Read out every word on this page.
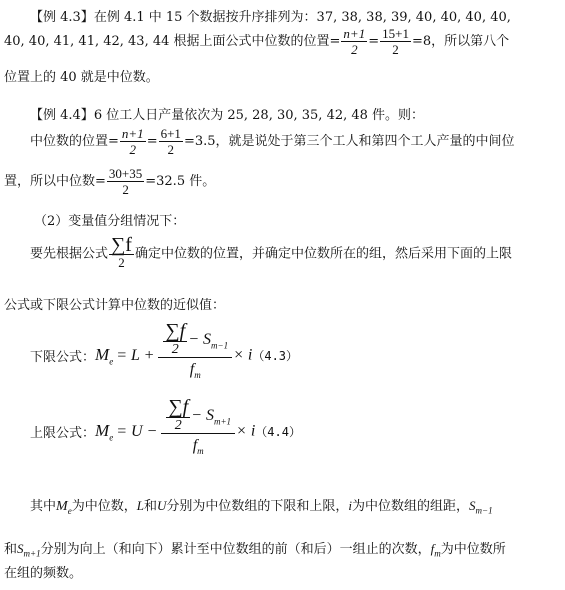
【例 4.3】在例 4.1 中 15 个数据按升序排列为：37, 38, 38, 39, 40, 40, 40, 40,
40, 40, 41, 41, 42, 43, 44 根据上面公式中位数的位置= $\frac{n+1}{2} = \frac{15+1}{2} =8$，所以第八个
位置上的 40 就是中位数。
【例 4.4】6 位工人日产量依次为 25, 28, 30, 35, 42, 48 件。则：
中位数的位置= $\frac{n+1}{2} = \frac{6+1}{2} =3.5$，就是说处于第三个工人和第四个工人产量的中间位
置，所以中位数= $\frac{30+35}{2} =32.5$ 件。
（2）变量值分组情况下：
要先根据公式 $\frac{\sum f}{2}$ 确定中位数的位置，并确定中位数所在的组，然后采用下面的上限
公式或下限公式计算中位数的近似值：
下限公式：$M_e = L + \frac{\frac{\sum f}{2} - S_{m-1}}{f_m} \times i(4.3)$
上限公式：$M_e = U - \frac{\frac{\sum f}{2} - S_{m+1}}{f_m} \times i(4.4)$
其中$M_e$为中位数，L和U分别为中位数组的下限和上限，i为中位数组的组距，$S_{m-1}$
和$S_{m+1}$分别为向上（和向下）累计至中位数组的前（和后）一组止的次数，$f_m$为中位数所
在组的频数。
